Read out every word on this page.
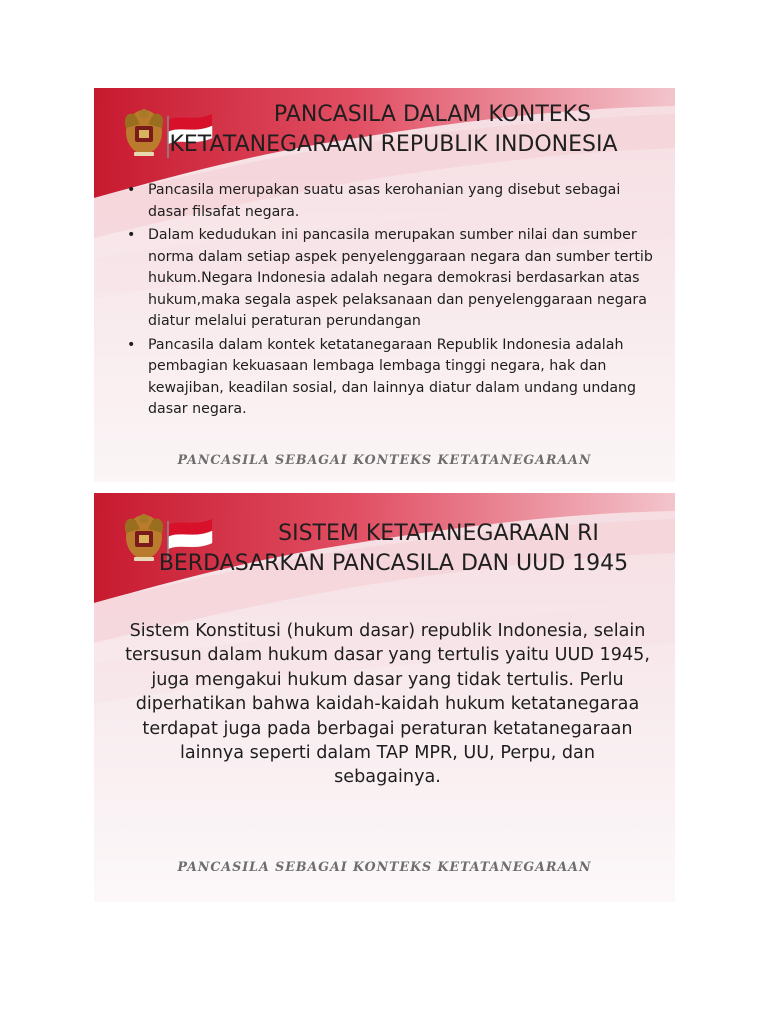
PANCASILA DALAM KONTEKS
KETATANEGARAAN REPUBLIK INDONESIA
• Pancasila merupakan suatu asas kerohanian yang disebut sebagai dasar filsafat negara.
• Dalam kedudukan ini pancasila merupakan sumber nilai dan sumber norma dalam setiap aspek penyelenggaraan negara dan sumber tertib hukum.Negara Indonesia adalah negara demokrasi berdasarkan atas hukum,maka segala aspek pelaksanaan dan penyelenggaraan negara diatur melalui peraturan perundangan
• Pancasila dalam kontek ketatanegaraan Republik Indonesia adalah pembagian kekuasaan lembaga lembaga tinggi negara, hak dan kewajiban, keadilan sosial, dan lainnya diatur dalam undang undang dasar negara.
PANCASILA SEBAGAI KONTEKS KETATANEGARAAN
SISTEM KETATANEGARAAN RI
BERDASARKAN PANCASILA DAN UUD 1945

Sistem Konstitusi (hukum dasar) republik Indonesia, selain tersusun dalam hukum dasar yang tertulis yaitu UUD 1945, juga mengakui hukum dasar yang tidak tertulis. Perlu diperhatikan bahwa kaidah-kaidah hukum ketatanegaraa terdapat juga pada berbagai peraturan ketatanegaraan lainnya seperti dalam TAP MPR, UU, Perpu, dan sebagainya.

PANCASILA SEBAGAI KONTEKS KETATANEGARAAN
